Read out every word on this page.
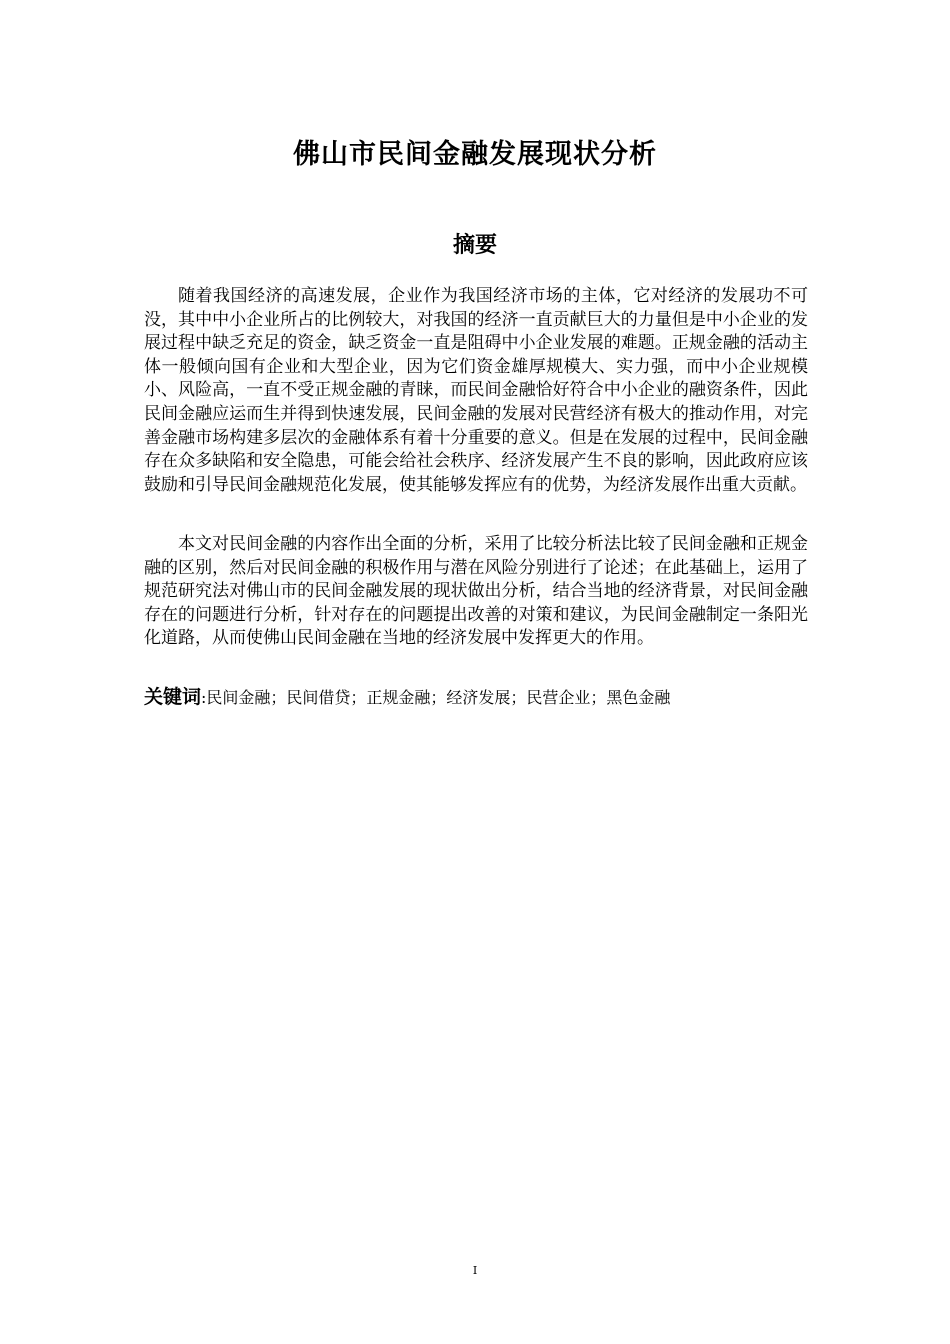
佛山市民间金融发展现状分析
摘要

随着我国经济的高速发展，企业作为我国经济市场的主体，它对经济的发展功不可没，其中中小企业所占的比例较大，对我国的经济一直贡献巨大的力量但是中小企业的发展过程中缺乏充足的资金，缺乏资金一直是阻碍中小企业发展的难题。正规金融的活动主体一般倾向国有企业和大型企业，因为它们资金雄厚规模大、实力强，而中小企业规模小、风险高，一直不受正规金融的青睐，而民间金融恰好符合中小企业的融资条件，因此民间金融应运而生并得到快速发展，民间金融的发展对民营经济有极大的推动作用，对完善金融市场构建多层次的金融体系有着十分重要的意义。但是在发展的过程中，民间金融存在众多缺陷和安全隐患，可能会给社会秩序、经济发展产生不良的影响，因此政府应该鼓励和引导民间金融规范化发展，使其能够发挥应有的优势，为经济发展作出重大贡献。

本文对民间金融的内容作出全面的分析，采用了比较分析法比较了民间金融和正规金融的区别，然后对民间金融的积极作用与潜在风险分别进行了论述；在此基础上，运用了规范研究法对佛山市的民间金融发展的现状做出分析，结合当地的经济背景，对民间金融存在的问题进行分析，针对存在的问题提出改善的对策和建议，为民间金融制定一条阳光化道路，从而使佛山民间金融在当地的经济发展中发挥更大的作用。

关键词:民间金融；民间借贷；正规金融；经济发展；民营企业；黑色金融
I
